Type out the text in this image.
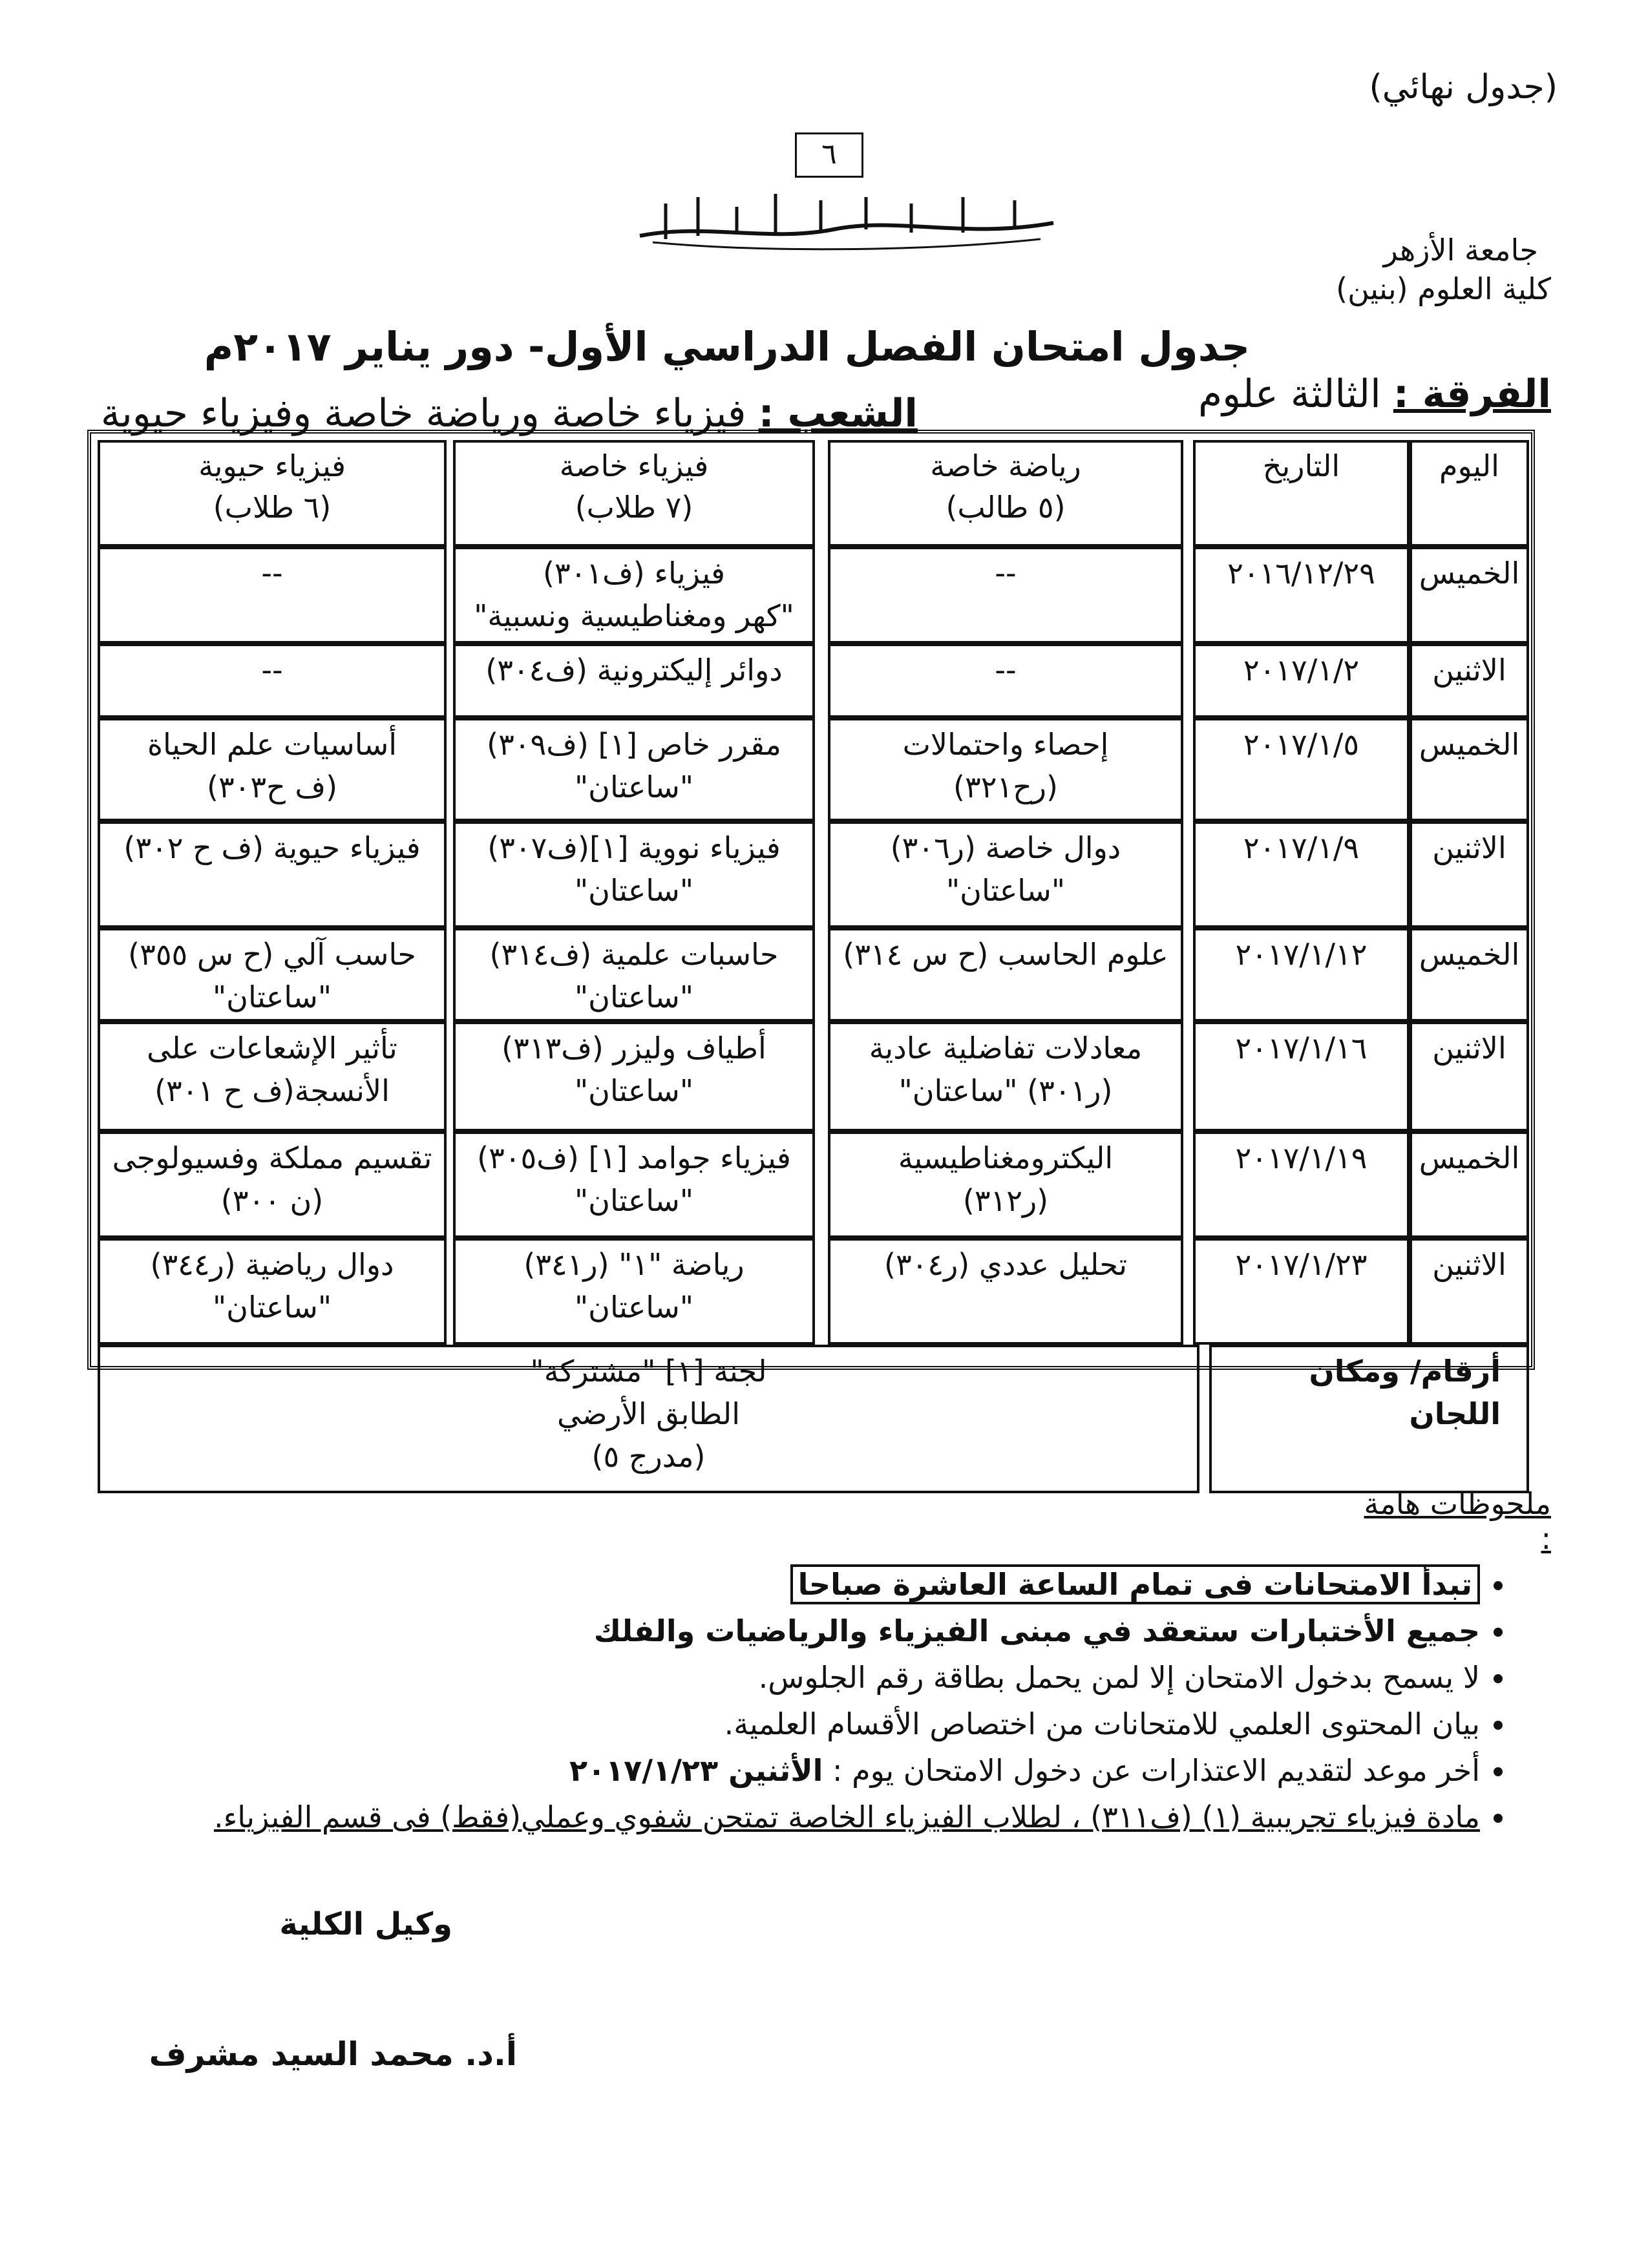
(جدول نهائي)
٦
جامعة الأزهر
كلية العلوم (بنين)
جدول امتحان الفصل الدراسي الأول- دور يناير ٢٠١٧م
الفرقة : الثالثة علوم
الشعب : فيزياء خاصة ورياضة خاصة وفيزياء حيوية
اليوم
التاريخ
رياضة خاصة
(٥ طالب)
فيزياء خاصة
(٧ طلاب)
فيزياء حيوية
(٦ طلاب)
الخميس
٢٠١٦/١٢/٢٩
--
فيزياء (ف٣٠١)
"كهر ومغناطيسية ونسبية"
--
الاثنين
٢٠١٧/١/٢
--
دوائر إليكترونية (ف٣٠٤)
--
الخميس
٢٠١٧/١/٥
إحصاء واحتمالات
(رح٣٢١)
مقرر خاص [١] (ف٣٠٩)
"ساعتان"
أساسيات علم الحياة
(ف ح٣٠٣)
الاثنين
٢٠١٧/١/٩
دوال خاصة (ر٣٠٦)
"ساعتان"
فيزياء نووية [١](ف٣٠٧)
"ساعتان"
فيزياء حيوية (ف ح ٣٠٢)
الخميس
٢٠١٧/١/١٢
علوم الحاسب (ح س ٣١٤)
حاسبات علمية (ف٣١٤)
"ساعتان"
حاسب آلي (ح س ٣٥٥)
"ساعتان"
الاثنين
٢٠١٧/١/١٦
معادلات تفاضلية عادية
(ر٣٠١) "ساعتان"
أطياف وليزر (ف٣١٣)
"ساعتان"
تأثير الإشعاعات على
الأنسجة(ف ح ٣٠١)
الخميس
٢٠١٧/١/١٩
اليكترومغناطيسية
(ر٣١٢)
فيزياء جوامد [١] (ف٣٠٥)
"ساعتان"
تقسيم مملكة وفسيولوجى
(ن ٣٠٠)
الاثنين
٢٠١٧/١/٢٣
تحليل عددي (ر٣٠٤)
رياضة "١" (ر٣٤١)
"ساعتان"
دوال رياضية (ر٣٤٤)
"ساعتان"
أرقام/ ومكان اللجان
لجنة [١] "مشتركة"
الطابق الأرضي
(مدرج ٥)
ملحوظات هامة :
• تبدأ الامتحانات فى تمام الساعة العاشرة صباحا
• جميع الأختبارات ستعقد في مبنى الفيزياء والرياضيات والفلك
• لا يسمح بدخول الامتحان إلا لمن يحمل بطاقة رقم الجلوس.
• بيان المحتوى العلمي للامتحانات من اختصاص الأقسام العلمية.
• أخر موعد لتقديم الاعتذارات عن دخول الامتحان يوم : الأثنين ٢٠١٧/١/٢٣
• مادة فيزياء تجريبية (١) (ف٣١١) ، لطلاب الفيزياء الخاصة تمتحن شفوي وعملي(فقط) فى قسم الفيزياء.
وكيل الكلية
أ.د. محمد السيد مشرف
